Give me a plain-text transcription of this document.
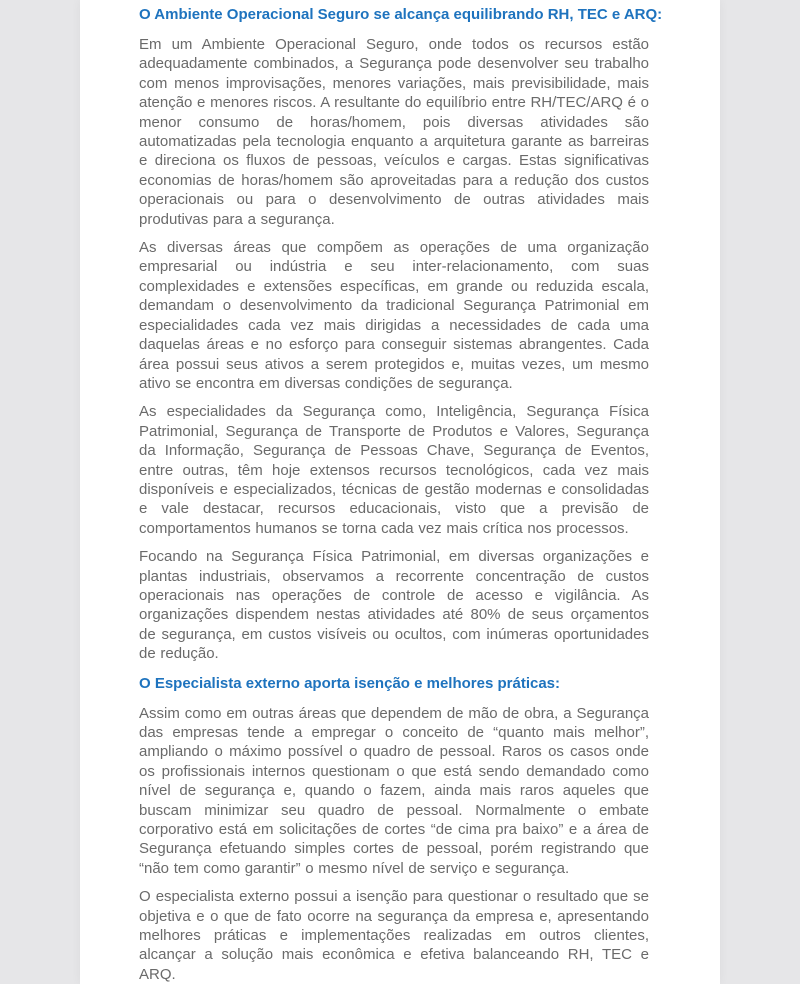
O Ambiente Operacional Seguro se alcança equilibrando RH, TEC e ARQ:

Em um Ambiente Operacional Seguro, onde todos os recursos estão adequadamente combinados, a Segurança pode desenvolver seu trabalho com menos improvisações, menores variações, mais previsibilidade, mais atenção e menores riscos. A resultante do equilíbrio entre RH/TEC/ARQ é o menor consumo de horas/homem, pois diversas atividades são automatizadas pela tecnologia enquanto a arquitetura garante as barreiras e direciona os fluxos de pessoas, veículos e cargas. Estas significativas economias de horas/homem são aproveitadas para a redução dos custos operacionais ou para o desenvolvimento de outras atividades mais produtivas para a segurança.

As diversas áreas que compõem as operações de uma organização empresarial ou indústria e seu inter-relacionamento, com suas complexidades e extensões específicas, em grande ou reduzida escala, demandam o desenvolvimento da tradicional Segurança Patrimonial em especialidades cada vez mais dirigidas a necessidades de cada uma daquelas áreas e no esforço para conseguir sistemas abrangentes. Cada área possui seus ativos a serem protegidos e, muitas vezes, um mesmo ativo se encontra em diversas condições de segurança.

As especialidades da Segurança como, Inteligência, Segurança Física Patrimonial, Segurança de Transporte de Produtos e Valores, Segurança da Informação, Segurança de Pessoas Chave, Segurança de Eventos, entre outras, têm hoje extensos recursos tecnológicos, cada vez mais disponíveis e especializados, técnicas de gestão modernas e consolidadas e vale destacar, recursos educacionais, visto que a previsão de comportamentos humanos se torna cada vez mais crítica nos processos.

Focando na Segurança Física Patrimonial, em diversas organizações e plantas industriais, observamos a recorrente concentração de custos operacionais nas operações de controle de acesso e vigilância. As organizações dispendem nestas atividades até 80% de seus orçamentos de segurança, em custos visíveis ou ocultos, com inúmeras oportunidades de redução.

O Especialista externo aporta isenção e melhores práticas:

Assim como em outras áreas que dependem de mão de obra, a Segurança das empresas tende a empregar o conceito de “quanto mais melhor”, ampliando o máximo possível o quadro de pessoal. Raros os casos onde os profissionais internos questionam o que está sendo demandado como nível de segurança e, quando o fazem, ainda mais raros aqueles que buscam minimizar seu quadro de pessoal. Normalmente o embate corporativo está em solicitações de cortes “de cima pra baixo” e a área de Segurança efetuando simples cortes de pessoal, porém registrando que “não tem como garantir” o mesmo nível de serviço e segurança.

O especialista externo possui a isenção para questionar o resultado que se objetiva e o que de fato ocorre na segurança da empresa e, apresentando melhores práticas e implementações realizadas em outros clientes, alcançar a solução mais econômica e efetiva balanceando RH, TEC e ARQ.
